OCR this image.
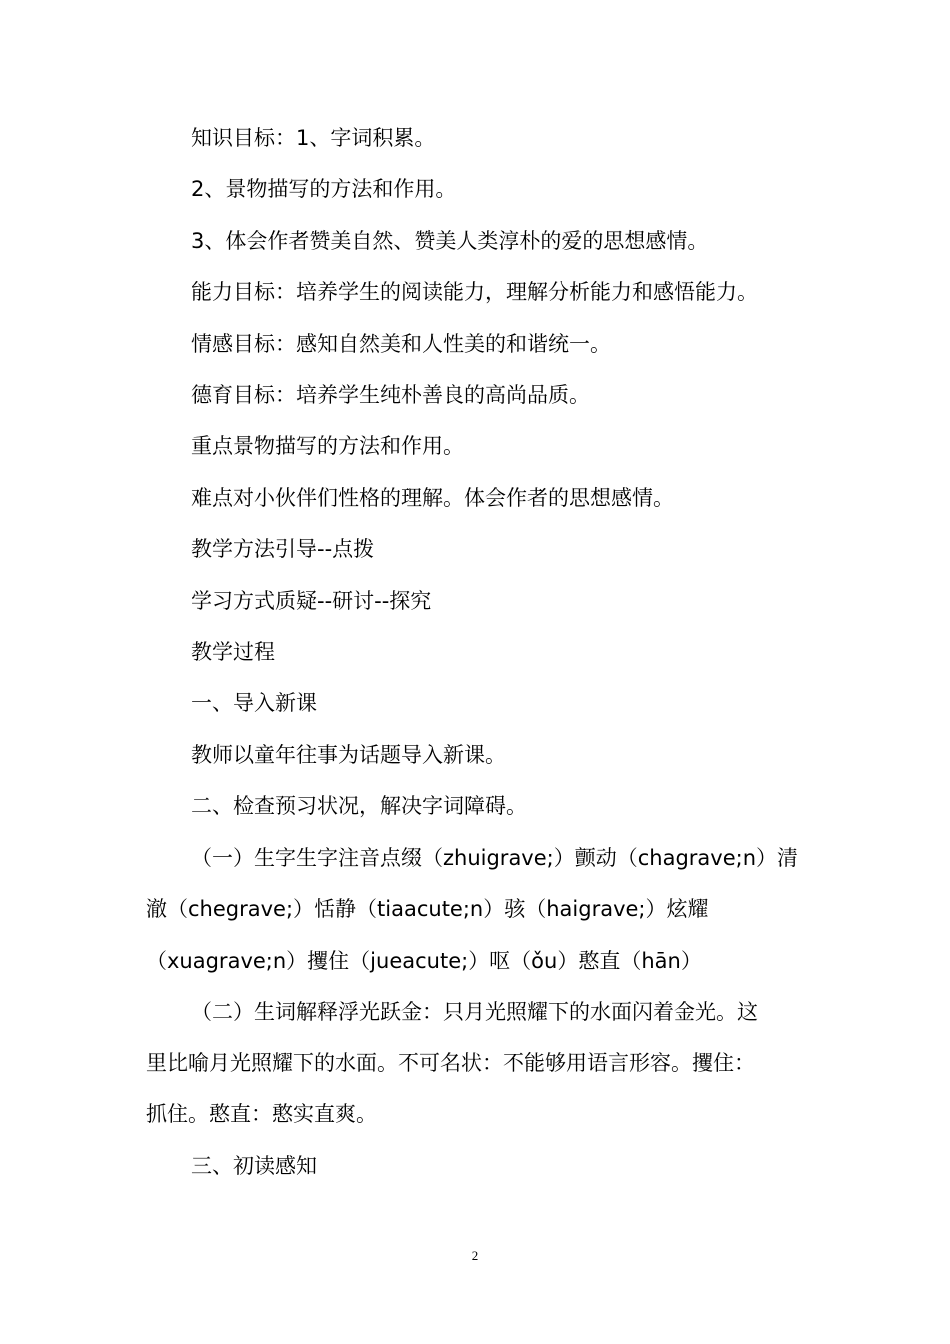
知识目标：1、字词积累。
2、景物描写的方法和作用。
3、体会作者赞美自然、赞美人类淳朴的爱的思想感情。
能力目标：培养学生的阅读能力，理解分析能力和感悟能力。
情感目标：感知自然美和人性美的和谐统一。
德育目标：培养学生纯朴善良的高尚品质。
重点景物描写的方法和作用。
难点对小伙伴们性格的理解。体会作者的思想感情。
教学方法引导--点拨
学习方式质疑--研讨--探究
教学过程
一、导入新课
教师以童年往事为话题导入新课。
二、检查预习状况，解决字词障碍。
（一）生字生字注音点缀（zhuigrave;）颤动（chagrave;n）清
澈（chegrave;）恬静（tiaacute;n）骇（haigrave;）炫耀
（xuagrave;n）攫住（jueacute;）呕（ǒu）憨直（hān）
（二）生词解释浮光跃金：只月光照耀下的水面闪着金光。这
里比喻月光照耀下的水面。不可名状：不能够用语言形容。攫住：
抓住。憨直：憨实直爽。
三、初读感知
2
